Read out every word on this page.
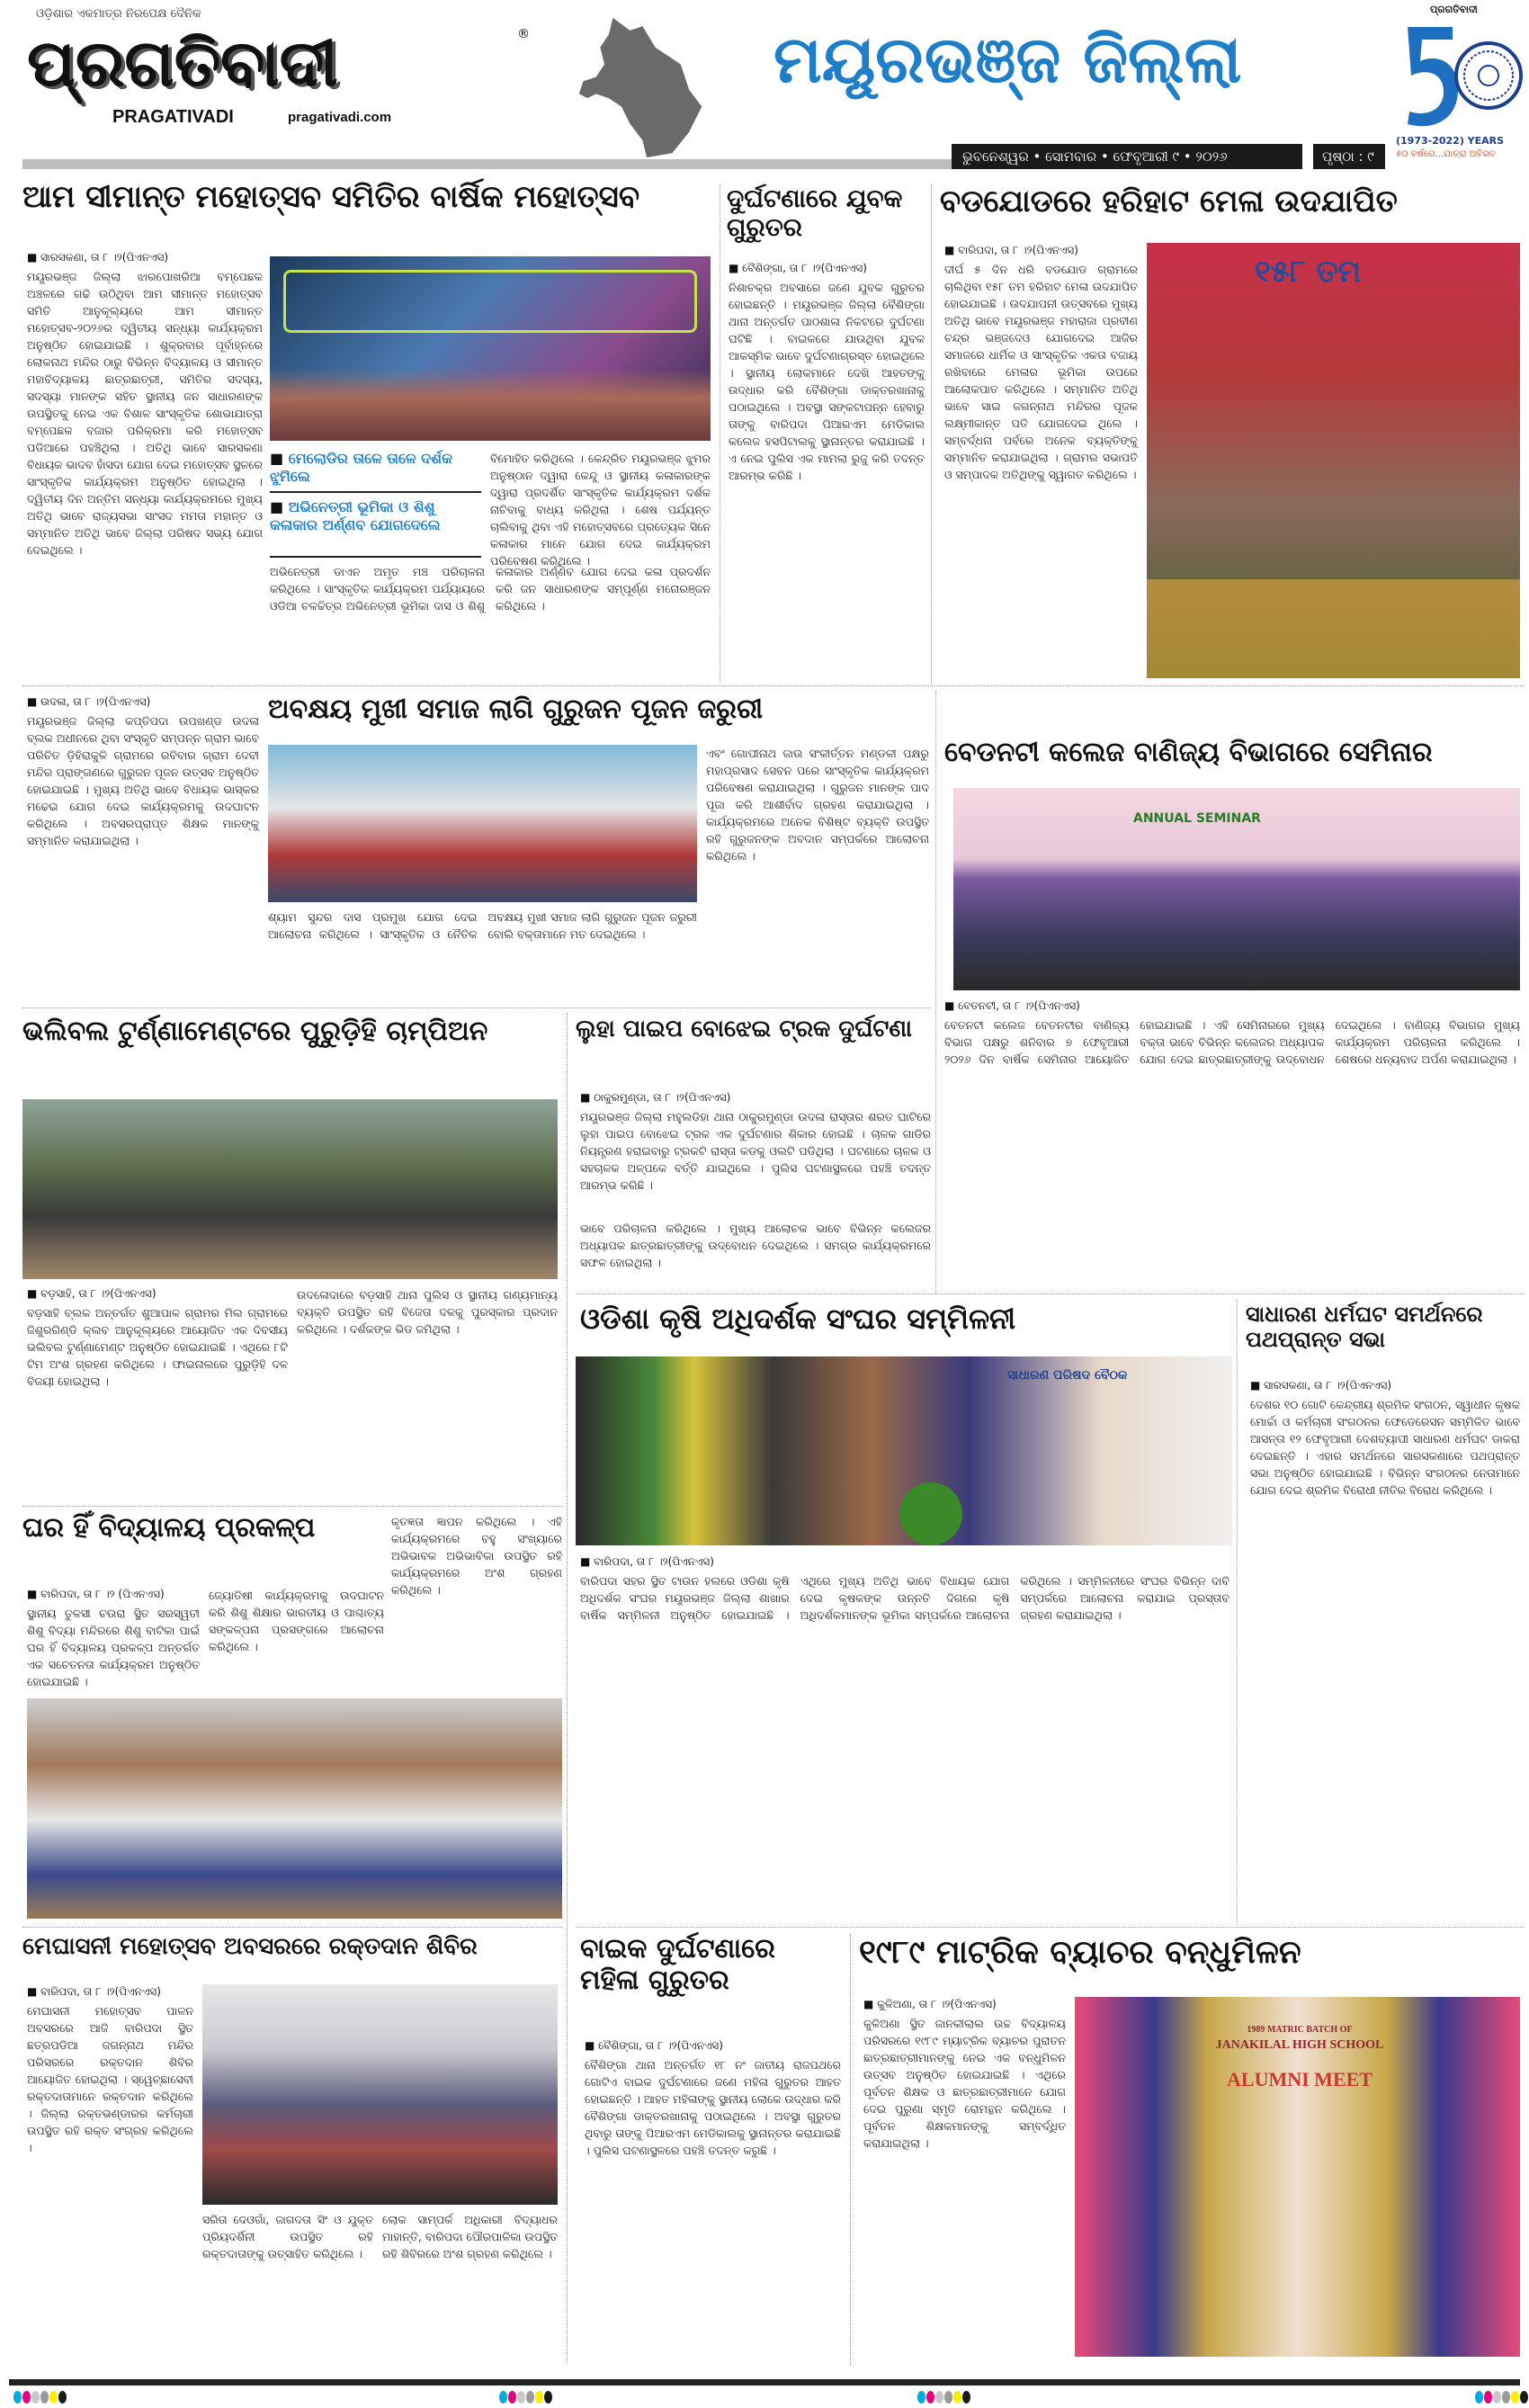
ଓଡ଼ିଶାର ଏକମାତ୍ର ନିରପେକ୍ଷ ଦୈନିକ
ପ୍ରଗତିବାଦୀ	®
PRAGATIVADI	pragativadi.com
ମୟୂରଭଞ୍ଜ ଜିଲ୍ଲା
ଭୁବନେଶ୍ୱର • ସୋମବାର • ଫେବୃଆରୀ ୯ • ୨୦୨୬	ପୃଷ୍ଠା : ୯
ପ୍ରଗତିବାଦୀ
(1973-2022) YEARS
୫୦ ବର୍ଷରେ...ଯାତ୍ରା ଅବିରତ
ଆମ ସୀମାନ୍ତ ମହୋତ୍ସବ ସମିତିର ବାର୍ଷିକ ମହୋତ୍ସବ
■ ସାରସକଣା, ତା ୮ ।୨(ପିଏନଏସ)
ମୟୂରଭଞ୍ଜ ଜିଲ୍ଲା ଝାରପୋଖରିଆ ବମ୍ପେଛକ ଅଞ୍ଚଳରେ ଗଢି ଉଠିଥିବା ଆମ ସୀମାନ୍ତ ମହୋତ୍ସବ ସମିତି ଆନୁକୂଲ୍ୟରେ ଆମ ସୀମାନ୍ତ ମହୋତ୍ସବ-୨୦୨୬ର ଦ୍ୱିତୀୟ ସନ୍ଧ୍ୟା କାର୍ଯ୍ୟକ୍ରମ ଅନୁଷ୍ଠିତ ହୋଇଯାଇଛି । ଶୁକ୍ରବାର ପୂର୍ବାହ୍ନରେ ଲୋକନାଥ ମନ୍ଦିର ଠାରୁ ବିଭିନ୍ନ ବିଦ୍ୟାଳୟ ଓ ସୀମାନ୍ତ ମହାବିଦ୍ୟାଳୟ ଛାତ୍ରଛାତ୍ରୀ, ସମିତିର ସଦସ୍ୟ, ସଦସ୍ୟା ମାନଙ୍କ ସହିତ ସ୍ଥାନୀୟ ଜନ ସାଧାରଣଙ୍କ ଉପସ୍ଥିତକୁ ନେଇ ଏକ ବିଶାଳ ସାଂସ୍କୃତିକ ଶୋଭାଯାତ୍ରା ବମ୍ପେଛକ ବଜାର ପରିକ୍ରମା କରି ମହୋତ୍ସବ ପଡିଆରେ ପହଞ୍ଚିଥିଲା । ଅତିଥି ଭାବେ ସାରସକଣା ବିଧାୟକ ଭାଦବ ହାଁସଦା ଯୋଗ ଦେଇ ମହୋତ୍ସବ ସ୍ଥଳରେ ସାଂସ୍କୃତିକ କାର୍ଯ୍ୟକ୍ରମ ଅନୁଷ୍ଠିତ ହୋଇଥିଲା । ଦ୍ୱିତୀୟ ଦିନ ଅନ୍ତିମ ସନ୍ଧ୍ୟା କାର୍ଯ୍ୟକ୍ରମରେ ମୁଖ୍ୟ ଅତିଥି ଭାବେ ରାଜ୍ୟସଭା ସାଂସଦ ମମତା ମହାନ୍ତ ଓ ସମ୍ମାନିତ ଅତିଥି ଭାବେ ଜିଲ୍ଲା ପରିଷଦ ସଭ୍ୟ ଯୋଗ ଦେଇଥିଲେ ।
■ ମେଲୋଡିର ତାଳେ ତାଳେ ଦର୍ଶକ ଝୁମିଲେ
■ ଅଭିନେତ୍ରୀ ଭୂମିକା ଓ ଶିଶୁ କଳାକାର ଅର୍ଣ୍ଣବ ଯୋଗଦେଲେ
ବିମୋହିତ କରିଥିଲେ । କେନ୍ଦ୍ରିତ ମୟୂରଭଞ୍ଜ ଝୁମର ଅନୁଷ୍ଠାନ ଦ୍ୱାରା କେନ୍ଦୁ ଓ ସ୍ଥାନୀୟ କଳାକାରଙ୍କ ଦ୍ୱାରା ପ୍ରଦର୍ଶିତ ସାଂସ୍କୃତିକ କାର୍ଯ୍ୟକ୍ରମ ଦର୍ଶକ ନାଚିବାକୁ ବାଧ୍ୟ କରିଥିଲା । ଶେଷ ପର୍ଯ୍ୟନ୍ତ ଚାଲିବାକୁ ଥିବା ଏହି ମହୋତ୍ସବରେ ପ୍ରତ୍ୟେକ ସିନେ କଳାକାର ମାନେ ଯୋଗ ଦେଇ କାର୍ଯ୍ୟକ୍ରମ ପରିବେଷଣ କରିଥିଲେ ।
ଅଭିନେତ୍ରୀ ଡାଏନ ଅମୃତ ମଞ୍ଚ ପରିଚାଳନା କରିଥିଲେ । ସାଂସ୍କୃତିକ କାର୍ଯ୍ୟକ୍ରମ ପର୍ଯ୍ୟାୟରେ ଓଡିଆ ଚଳଚ୍ଚିତ୍ର ଅଭିନେତ୍ରୀ ଭୂମିକା ଦାସ ଓ ଶିଶୁ କଳାକାର ଅର୍ଣ୍ଣବ ଯୋଗ ଦେଇ କଳା ପ୍ରଦର୍ଶନ କରି ଜନ ସାଧାରଣଙ୍କ ସମ୍ପୂର୍ଣ୍ଣ ମନୋରଞ୍ଜନ କରିଥିଲେ ।
ଦୁର୍ଘଟଣାରେ ଯୁବକ ଗୁରୁତର
■ ବୈଶିଙ୍ଗା, ତା ୮ ।୨(ପିଏନଏସ)
ନିଶାଚକ୍ର ଅବସାରେ ଜଣେ ଯୁବକ ଗୁରୁତର ହୋଇଛନ୍ତି । ମୟୂରଭଞ୍ଜ ଜିଲ୍ଲା ବୈଶିଙ୍ଗା ଥାନା ଅନ୍ତର୍ଗତ ପାଠଶାଳା ନିକଟରେ ଦୁର୍ଘଟଣା ଘଟିଛି । ବାଇକରେ ଯାଉଥିବା ଯୁବକ ଆକସ୍ମିକ ଭାବେ ଦୁର୍ଘଟଣାଗ୍ରସ୍ତ ହୋଇଥିଲେ । ସ୍ଥାନୀୟ ଲୋକମାନେ ଦେଖି ଆହତଙ୍କୁ ଉଦ୍ଧାର କରି ବୈଶିଙ୍ଗା ଡାକ୍ତରଖାନାକୁ ପଠାଇଥିଲେ । ଅବସ୍ଥା ସଙ୍କଟାପନ୍ନ ହେବାରୁ ତାଙ୍କୁ ବାରିପଦା ପିଆରଏମ ମେଡିକାଲ କଲେଜ ହସପିଟାଲକୁ ସ୍ଥାନାନ୍ତର କରାଯାଇଛି । ଏ ନେଇ ପୁଲିସ ଏକ ମାମଲା ରୁଜୁ କରି ତଦନ୍ତ ଆରମ୍ଭ କରିଛି ।
ବଡଯୋଡରେ ହରିହାଟ ମେଳା ଉଦଯାପିତ
■ ବାରିପଦା, ତା ୮ ।୨(ପିଏନଏସ)
ଦୀର୍ଘ ୫ ଦିନ ଧରି ବଡଯୋଡ ଗ୍ରାମରେ ଚାଲିଥିବା ୧୫୮ ତମ ହରିହାଟ ମେଳା ଉଦଯାପିତ ହୋଇଯାଇଛି । ଉଦଯାପନୀ ଉତ୍ସବରେ ମୁଖ୍ୟ ଅତିଥି ଭାବେ ମୟୂରଭଞ୍ଜ ମହାରାଜା ପ୍ରବୀଣ ଚନ୍ଦ୍ର ଭଞ୍ଜଦେଓ ଯୋଗଦେଇ ଆଜିର ସମାଜରେ ଧାର୍ମିକ ଓ ସାଂସ୍କୃତିକ ଏକତା ବଜାୟ ରଖିବାରେ ମେଳାର ଭୂମିକା ଉପରେ ଆଲୋକପାତ କରିଥିଲେ । ସମ୍ମାନିତ ଅତିଥି ଭାବେ ସାଇ ଜଗନ୍ନାଥ ମନ୍ଦିରର ପୂଜକ ଲକ୍ଷ୍ମୀକାନ୍ତ ପତି ଯୋଗଦେଇ ଥିଲେ । ସମ୍ବର୍ଦ୍ଧନା ପର୍ବରେ ଅନେକ ବ୍ୟକ୍ତିଙ୍କୁ ସମ୍ମାନିତ କରାଯାଇଥିଲା । ଗ୍ରାମର ସଭାପତି ଓ ସମ୍ପାଦକ ଅତିଥିଙ୍କୁ ସ୍ୱାଗତ କରିଥିଲେ ।
୧୫୮ ତମ
■ ଉଦଳା, ତା ୮ ।୨(ପିଏନଏସ)
ମୟୂରଭଞ୍ଜ ଜିଲ୍ଲା କପ୍ତିପଦା ଉପଖଣ୍ଡ ଉଦଳା ବ୍ଲକ ଅଧୀନରେ ଥିବା ସଂସ୍କୃତି ସମ୍ପନ୍ନ ଗ୍ରାମ ଭାବେ ପରିଚିତ ଡ଼ିହିରାକୁଳି ଗ୍ରାମରେ ରବିବାର ଗ୍ରାମ ଦେବୀ ମନ୍ଦିର ପ୍ରାଙ୍ଗଣରେ ଗୁରୁଜନ ପୂଜନ ଉତ୍ସବ ଅନୁଷ୍ଠିତ ହୋଇଯାଇଛି । ମୁଖ୍ୟ ଅତିଥି ଭାବେ ବିଧାୟକ ଭାସ୍କର ମଢେଇ ଯୋଗ ଦେଇ କାର୍ଯ୍ୟକ୍ରମକୁ ଉଦଘାଟନ କରିଥିଲେ । ଅବସରପ୍ରାପ୍ତ ଶିକ୍ଷକ ମାନଙ୍କୁ ସମ୍ମାନିତ କରାଯାଇଥିଲା ।
ଅବକ୍ଷୟ ମୁଖୀ ସମାଜ ଲାଗି ଗୁରୁଜନ ପୂଜନ ଜରୁରୀ
ଏବଂ ଗୋପୀନାଥ ଜାଉ ସଂକୀର୍ତ୍ତନ ମଣ୍ଡଳୀ ପକ୍ଷରୁ ମହାପ୍ରସାଦ ସେବନ ପରେ ସାଂସ୍କୃତିକ କାର୍ଯ୍ୟକ୍ରମ ପରିବେଷଣ କରାଯାଇଥିଲା । ଗୁରୁଜନ ମାନଙ୍କ ପାଦ ପୂଜା କରି ଆଶୀର୍ବାଦ ଗ୍ରହଣ କରାଯାଇଥିଲା । କାର୍ଯ୍ୟକ୍ରମରେ ଅନେକ ବିଶିଷ୍ଟ ବ୍ୟକ୍ତି ଉପସ୍ଥିତ ରହି ଗୁରୁଜନଙ୍କ ଅବଦାନ ସମ୍ପର୍କରେ ଆଲୋଚନା କରିଥିଲେ ।
ଶ୍ୟାମ ସୁନ୍ଦର ଦାସ ପ୍ରମୁଖ ଯୋଗ ଦେଇ ଆଲୋଚନା କରିଥିଲେ । ସାଂସ୍କୃତିକ ଓ ନୈତିକ ଅବକ୍ଷୟ ମୁଖୀ ସମାଜ ଲାଗି ଗୁରୁଜନ ପୂଜନ ଜରୁରୀ ବୋଲି ବକ୍ତାମାନେ ମତ ଦେଇଥିଲେ ।
ବେଡନଟୀ କଲେଜ ବାଣିଜ୍ୟ ବିଭାଗରେ ସେମିନାର
ANNUAL SEMINAR
■ ବେତନଟୀ, ତା ୮ ।୨(ପିଏନଏସ)
ବେତନଟୀ କଲେଜ ବେତନଟୀର ବାଣିଜ୍ୟ ବିଭାଗ ପକ୍ଷରୁ ଶନିବାର ୭ ଫେବୃଆରୀ ୨୦୨୬ ଦିନ ବାର୍ଷିକ ସେମିନାର ଆୟୋଜିତ ହୋଇଯାଇଛି । ଏହି ସେମିନାରରେ ମୁଖ୍ୟ ବକ୍ତା ଭାବେ ବିଭିନ୍ନ କଲେଜର ଅଧ୍ୟାପକ ଯୋଗ ଦେଇ ଛାତ୍ରଛାତ୍ରୀଙ୍କୁ ଉଦ୍ବୋଧନ ଦେଇଥିଲେ । ବାଣିଜ୍ୟ ବିଭାଗର ମୁଖ୍ୟ କାର୍ଯ୍ୟକ୍ରମ ପରିଚାଳନା କରିଥିଲେ । ଶେଷରେ ଧନ୍ୟବାଦ ଅର୍ପଣ କରାଯାଇଥିଲା ।
ଭଲିବଲ ଟୁର୍ଣ୍ଣାମେଣ୍ଟରେ ପୁରୁଡ଼ିହି ଚାମ୍ପିଅନ
■ ବଡ଼ସାହି, ତା ୮ ।୨(ପିଏନଏସ)
ବଡ଼ସାହି ବ୍ଲକ ଅନ୍ତର୍ଗତ ଶୁଆପାଳ ଗ୍ରାମର ମିଲ ଗ୍ରାମରେ ଜିଶୁରଗିଣ୍ଡି କ୍ଲବ ଆନୁକୂଲ୍ୟରେ ଆୟୋଜିତ ଏକ ଦିବସୀୟ ଭଲିବଲ ଟୁର୍ଣ୍ଣାମେଣ୍ଟ ଅନୁଷ୍ଠିତ ହୋଇଯାଇଛି । ଏଥିରେ ୮ଟି ଟିମ ଅଂଶ ଗ୍ରହଣ କରିଥିଲେ । ଫାଇନାଲରେ ପୁରୁଡ଼ିହି ଦଳ ବିଜୟୀ ହୋଇଥିଲା ।
ଉଦଳୋଦାରେ ବଡ଼ସାହି ଥାନା ପୁଲିସ ଓ ସ୍ଥାନୀୟ ଗଣ୍ୟମାନ୍ୟ ବ୍ୟକ୍ତି ଉପସ୍ଥିତ ରହି ବିଜେତା ଦଳକୁ ପୁରସ୍କାର ପ୍ରଦାନ କରିଥିଲେ । ଦର୍ଶକଙ୍କ ଭିଡ ଜମିଥିଲା ।
ଲୁହା ପାଇପ ବୋଝେଇ ଟ୍ରକ ଦୁର୍ଘଟଣା
■ ଠାକୁରମୁଣ୍ଡା, ତା ୮ ।୨(ପିଏନଏସ)
ମୟୂରଭଞ୍ଜ ଜିଲ୍ଲା ମହୁଲଡିହା ଥାନା ଠାକୁରମୁଣ୍ଡା ଉଦଳା ରାସ୍ତାର ଶରତ ଘାଟିରେ ଲୁହା ପାଇପ ବୋଝେଇ ଟ୍ରକ ଏକ ଦୁର୍ଘଟଣାର ଶିକାର ହୋଇଛି । ଚାଳକ ଗାଡିର ନିୟନ୍ତ୍ରଣ ହରାଇବାରୁ ଟ୍ରକଟି ରାସ୍ତା କଡକୁ ଓଲଟି ପଡିଥିଲା । ଘଟଣାରେ ଚାଳକ ଓ ସହଚାଳକ ଅଳ୍ପକେ ବର୍ତ୍ତି ଯାଇଥିଲେ । ପୁଲିସ ଘଟଣାସ୍ଥଳରେ ପହଞ୍ଚି ତଦନ୍ତ ଆରମ୍ଭ କରିଛି ।
ଭାବେ ପରିଚାଳନା କରିଥିଲେ । ମୁଖ୍ୟ ଆଲୋଚକ ଭାବେ ବିଭିନ୍ନ କଲେଜର ଅଧ୍ୟାପକ ଛାତ୍ରଛାତ୍ରୀଙ୍କୁ ଉଦ୍ବୋଧନ ଦେଇଥିଲେ । ସମଗ୍ର କାର୍ଯ୍ୟକ୍ରମରେ ସଫଳ ହୋଇଥିଲା ।
ଘର ହିଁ ବିଦ୍ୟାଳୟ ପ୍ରକଳ୍ପ	କୃତଜ୍ଞତା ଜ୍ଞାପନ କରିଥିଲେ । ଏହି କାର୍ଯ୍ୟକ୍ରମରେ ବହୁ ସଂଖ୍ୟାରେ ଅଭିଭାବକ ଅଭିଭାବିକା ଉପସ୍ଥିତ ରହି କାର୍ଯ୍ୟକ୍ରମରେ ଅଂଶ ଗ୍ରହଣ କରିଥିଲେ ।
■ ବାରିପଦା, ତା ୮ ।୨ (ପିଏନଏସ)
ସ୍ଥାନୀୟ ତୁଳସୀ ଚଉରା ସ୍ଥିତ ସରସ୍ୱତୀ ଶିଶୁ ବିଦ୍ୟା ମନ୍ଦିରରେ ଶିଶୁ ବାଟିକା ପାଇଁ ଘର ହିଁ ବିଦ୍ୟାଳୟ ପ୍ରକଳ୍ପ ଅନ୍ତର୍ଗତ ଏକ ସଚେତନତା କାର୍ଯ୍ୟକ୍ରମ ଅନୁଷ୍ଠିତ ହୋଇଯାଇଛି ।
ଜ୍ୟୋତିଷୀ କାର୍ଯ୍ୟକ୍ରମକୁ ଉଦଘାଟନ କରି ଶିଶୁ ଶିକ୍ଷାର ଭାରତୀୟ ଓ ପାଶ୍ଚାତ୍ୟ ସଙ୍କଳ୍ପନା ପ୍ରସଙ୍ଗରେ ଆଲୋଚନା କରିଥିଲେ ।
ଓଡିଶା କୃଷି ଅଧିଦର୍ଶକ ସଂଘର ସମ୍ମିଳନୀ
ସାଧାରଣ ପରିଷଦ ବୈଠକ
■ ବାରିପଦା, ତା ୮ ।୨(ପିଏନଏସ)
ବାରିପଦା ସହର ସ୍ଥିତ ଟାଉନ ହଲରେ ଓଡିଶା କୃଷି ଅଧିଦର୍ଶକ ସଂଘର ମୟୂରଭଞ୍ଜ ଜିଲ୍ଲା ଶାଖାର ବାର୍ଷିକ ସମ୍ମିଳନୀ ଅନୁଷ୍ଠିତ ହୋଇଯାଇଛି । ଏଥିରେ ମୁଖ୍ୟ ଅତିଥି ଭାବେ ବିଧାୟକ ଯୋଗ ଦେଇ କୃଷକଙ୍କ ଉନ୍ନତି ଦିଗରେ କୃଷି ଅଧିଦର୍ଶକମାନଙ୍କ ଭୂମିକା ସମ୍ପର୍କରେ ଆଲୋଚନା କରିଥିଲେ । ସମ୍ମିଳନୀରେ ସଂଘର ବିଭିନ୍ନ ଦାବି ସମ୍ପର୍କରେ ଆଲୋଚନା କରାଯାଇ ପ୍ରସ୍ତାବ ଗ୍ରହଣ କରାଯାଇଥିଲା ।
ସାଧାରଣ ଧର୍ମଘଟ ସମର୍ଥନରେ ପଥପ୍ରାନ୍ତ ସଭା
■ ସାରସକଣା, ତା ୮ ।୨(ପିଏନଏସ)
ଦେଶର ୧୦ ଗୋଟି କେନ୍ଦ୍ରୀୟ ଶ୍ରମିକ ସଂଗଠନ, ସ୍ୱାଧୀନ କୃଷକ ମୋର୍ଚ୍ଚା ଓ କର୍ମଚାରୀ ସଂଗଠନର ଫେଡେରେସନ ସମ୍ମିଳିତ ଭାବେ ଆସନ୍ତା ୧୨ ଫେବୃଆରୀ ଦେଶବ୍ୟାପୀ ସାଧାରଣ ଧର୍ମଘଟ ଡାକରା ଦେଇଛନ୍ତି । ଏହାର ସମର୍ଥନରେ ସାରସକଣାରେ ପଥପ୍ରାନ୍ତ ସଭା ଅନୁଷ୍ଠିତ ହୋଇଯାଇଛି । ବିଭିନ୍ନ ସଂଗଠନର ନେତାମାନେ ଯୋଗ ଦେଇ ଶ୍ରମିକ ବିରୋଧୀ ନୀତିର ବିରୋଧ କରିଥିଲେ ।
ମେଘାସନୀ ମହୋତ୍ସବ ଅବସରରେ ରକ୍ତଦାନ ଶିବିର
■ ବାରିପଦା, ତା ୮ ।୨(ପିଏନଏସ)
ମେଘାସନୀ ମହୋତ୍ସବ ପାଳନ ଅବସରରେ ଆଜି ବାରିପଦା ସ୍ଥିତ ଛତ୍ରପଡିଆ ଜଗନ୍ନାଥ ମନ୍ଦିର ପରିସରରେ ରକ୍ତଦାନ ଶିବିର ଆୟୋଜିତ ହୋଇଥିଲା । ସ୍ୱେଚ୍ଛାସେବୀ ରକ୍ତଦାତାମାନେ ରକ୍ତଦାନ କରିଥିଲେ । ଜିଲ୍ଲା ରକ୍ତଭଣ୍ଡାରର କର୍ମଚାରୀ ଉପସ୍ଥିତ ରହି ରକ୍ତ ସଂଗ୍ରହ କରିଥିଲେ ।
ସରିତା ଦେଓଗାଁ, ଜାଗଦତା ସିଂ ଓ ଯୁକ୍ତ ପ୍ରିୟଦର୍ଶିନୀ ଉପସ୍ଥିତ ରହି ରକ୍ତଦାତାଙ୍କୁ ଉତ୍ସାହିତ କରିଥିଲେ ।
ଲୋକ ସାମ୍ପର୍କ ଅଧିକାରୀ ବିଦ୍ୟାଧର ମାହାନ୍ତି, ବାରିପଦା ପୌରପାଳିକା ଉପସ୍ଥିତ ରହି ଶିବିରରେ ଅଂଶ ଗ୍ରହଣ କରିଥିଲେ ।
ବାଇକ ଦୁର୍ଘଟଣାରେ ମହିଳା ଗୁରୁତର
■ ବୈଶିଙ୍ଗା, ତା ୮ ।୨(ପିଏନଏସ)
ବୈଶିଙ୍ଗା ଥାନା ଅନ୍ତର୍ଗତ ୧୮ ନଂ ଜାତୀୟ ରାଜପଥରେ ଗୋଟିଏ ବାଇକ ଦୁର୍ଘଟଣାରେ ଜଣେ ମହିଳା ଗୁରୁତର ଆହତ ହୋଇଛନ୍ତି । ଆହତ ମହିଳାଙ୍କୁ ସ୍ଥାନୀୟ ଲୋକେ ଉଦ୍ଧାର କରି ବୈଶିଙ୍ଗା ଡାକ୍ତରଖାନାକୁ ପଠାଇଥିଲେ । ଅବସ୍ଥା ଗୁରୁତର ଥିବାରୁ ତାଙ୍କୁ ପିଆରଏମ ମେଡିକାଲକୁ ସ୍ଥାନାନ୍ତର କରାଯାଇଛି । ପୁଲିସ ଘଟଣାସ୍ଥଳରେ ପହଞ୍ଚି ତଦନ୍ତ କରୁଛି ।
୧୯୮୯ ମାଟ୍ରିକ ବ୍ୟାଚର ବନ୍ଧୁମିଳନ
■ କୁଳିଅଣା, ତା ୮ ।୨(ପିଏନଏସ)
କୁଳିଅଣା ସ୍ଥିତ ଜାନକୀଲାଲ ଉଚ୍ଚ ବିଦ୍ୟାଳୟ ପରିସରରେ ୧୯୮୯ ମ୍ୟାଟ୍ରିକ ବ୍ୟାଚର ପୁରାତନ ଛାତ୍ରଛାତ୍ରୀମାନଙ୍କୁ ନେଇ ଏକ ବନ୍ଧୁମିଳନ ଉତ୍ସବ ଅନୁଷ୍ଠିତ ହୋଇଯାଇଛି । ଏଥିରେ ପୂର୍ବତନ ଶିକ୍ଷକ ଓ ଛାତ୍ରଛାତ୍ରୀମାନେ ଯୋଗ ଦେଇ ପୁରୁଣା ସ୍ମୃତି ରୋମନ୍ଥନ କରିଥିଲେ । ପୂର୍ବତନ ଶିକ୍ଷକମାନଙ୍କୁ ସମ୍ବର୍ଦ୍ଧିତ କରାଯାଇଥିଲା ।
1989 MATRIC BATCH OF
JANAKILAL HIGH SCHOOL
ALUMNI MEET
